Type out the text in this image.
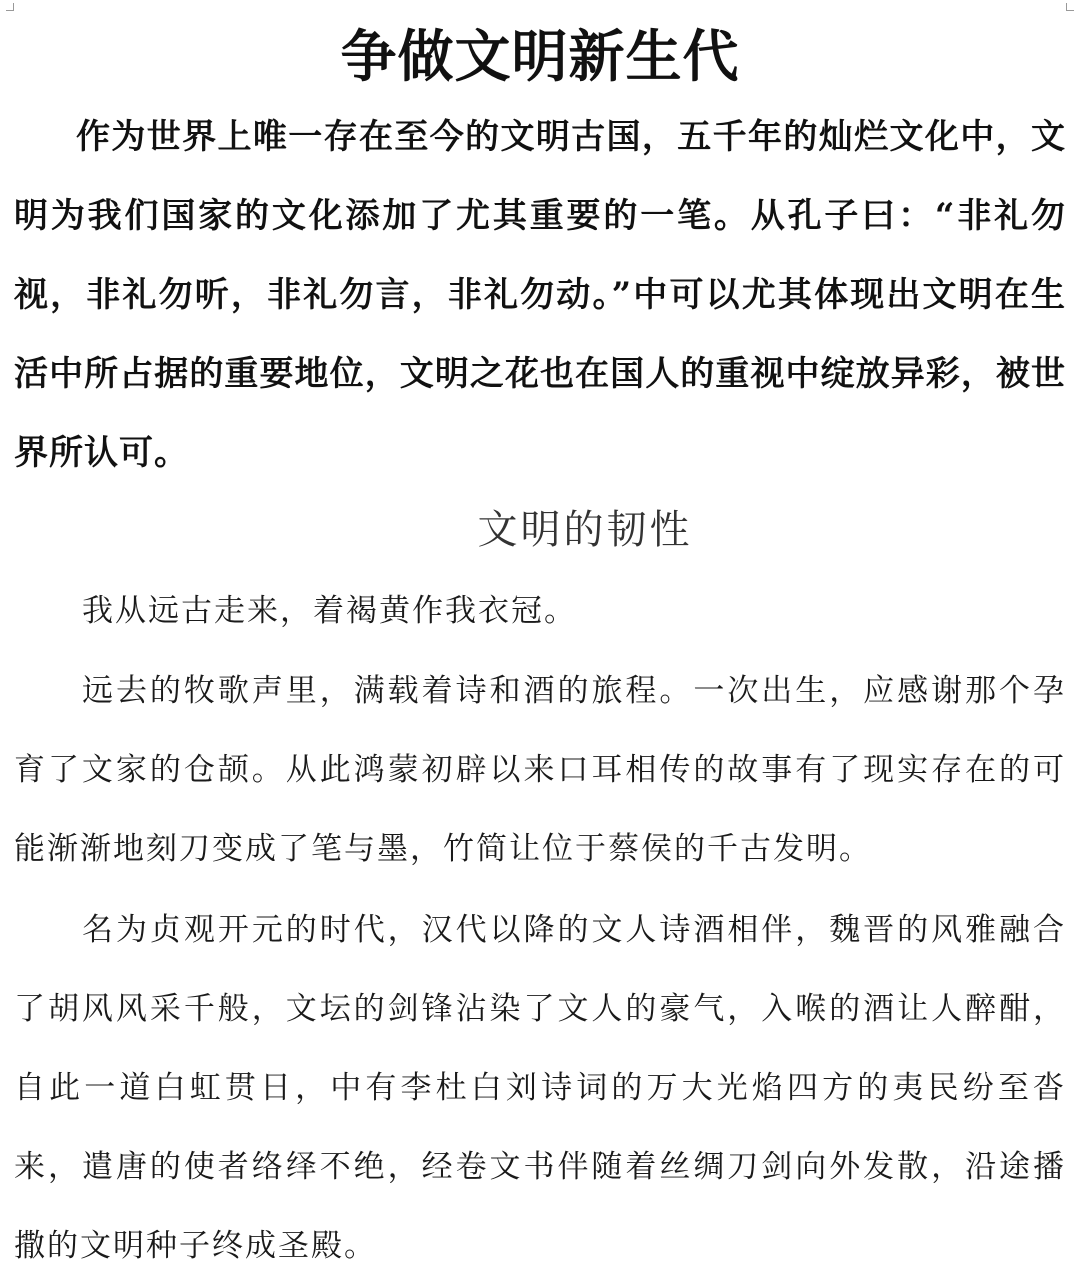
争做文明新生代

作为世界上唯一存在至今的文明古国，五千年的灿烂文化中，文明为我们国家的文化添加了尤其重要的一笔。从孔子曰：“非礼勿视，非礼勿听，非礼勿言，非礼勿动。”中可以尤其体现出文明在生活中所占据的重要地位，文明之花也在国人的重视中绽放异彩，被世界所认可。

文明的韧性

我从远古走来，着褐黄作我衣冠。

远去的牧歌声里，满载着诗和酒的旅程。一次出生，应感谢那个孕育了文家的仓颉。从此鸿蒙初辟以来口耳相传的故事有了现实存在的可能渐渐地刻刀变成了笔与墨，竹简让位于蔡侯的千古发明。

名为贞观开元的时代，汉代以降的文人诗酒相伴，魏晋的风雅融合了胡风风采千般，文坛的剑锋沾染了文人的豪气，入喉的酒让人醉酣，自此一道白虹贯日，中有李杜白刘诗词的万大光焰四方的夷民纷至沓来，遣唐的使者络绎不绝，经卷文书伴随着丝绸刀剑向外发散，沿途播撒的文明种子终成圣殿。
